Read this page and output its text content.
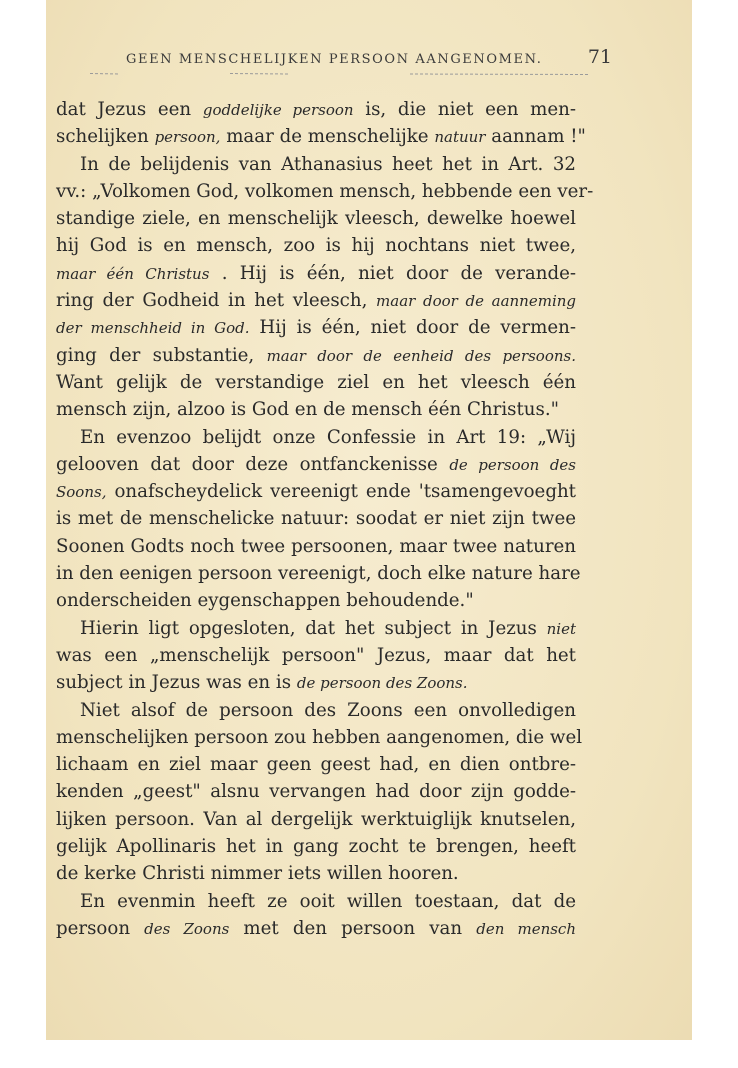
GEEN MENSCHELIJKEN PERSOON AANGENOMEN. 71
dat Jezus een goddelijke persoon is, die niet een men-
schelijken persoon, maar de menschelijke natuur aannam !"
In de belijdenis van Athanasius heet het in Art. 32
vv.: „Volkomen God, volkomen mensch, hebbende een ver-
standige ziele, en menschelijk vleesch, dewelke hoewel
hij God is en mensch, zoo is hij nochtans niet twee,
maar één Christus . Hij is één, niet door de verande-
ring der Godheid in het vleesch, maar door de aanneming
der menschheid in God. Hij is één, niet door de vermen-
ging der substantie, maar door de eenheid des persoons.
Want gelijk de verstandige ziel en het vleesch één
mensch zijn, alzoo is God en de mensch één Christus."
En evenzoo belijdt onze Confessie in Art 19: „Wij
gelooven dat door deze ontfanckenisse de persoon des
Soons, onafscheydelick vereenigt ende 'tsamengevoeght
is met de menschelicke natuur: soodat er niet zijn twee
Soonen Godts noch twee persoonen, maar twee naturen
in den eenigen persoon vereenigt, doch elke nature hare
onderscheiden eygenschappen behoudende."
Hierin ligt opgesloten, dat het subject in Jezus niet
was een „menschelijk persoon" Jezus, maar dat het
subject in Jezus was en is de persoon des Zoons.
Niet alsof de persoon des Zoons een onvolledigen
menschelijken persoon zou hebben aangenomen, die wel
lichaam en ziel maar geen geest had, en dien ontbre-
kenden „geest" alsnu vervangen had door zijn godde-
lijken persoon. Van al dergelijk werktuiglijk knutselen,
gelijk Apollinaris het in gang zocht te brengen, heeft
de kerke Christi nimmer iets willen hooren.
En evenmin heeft ze ooit willen toestaan, dat de
persoon des Zoons met den persoon van den mensch
